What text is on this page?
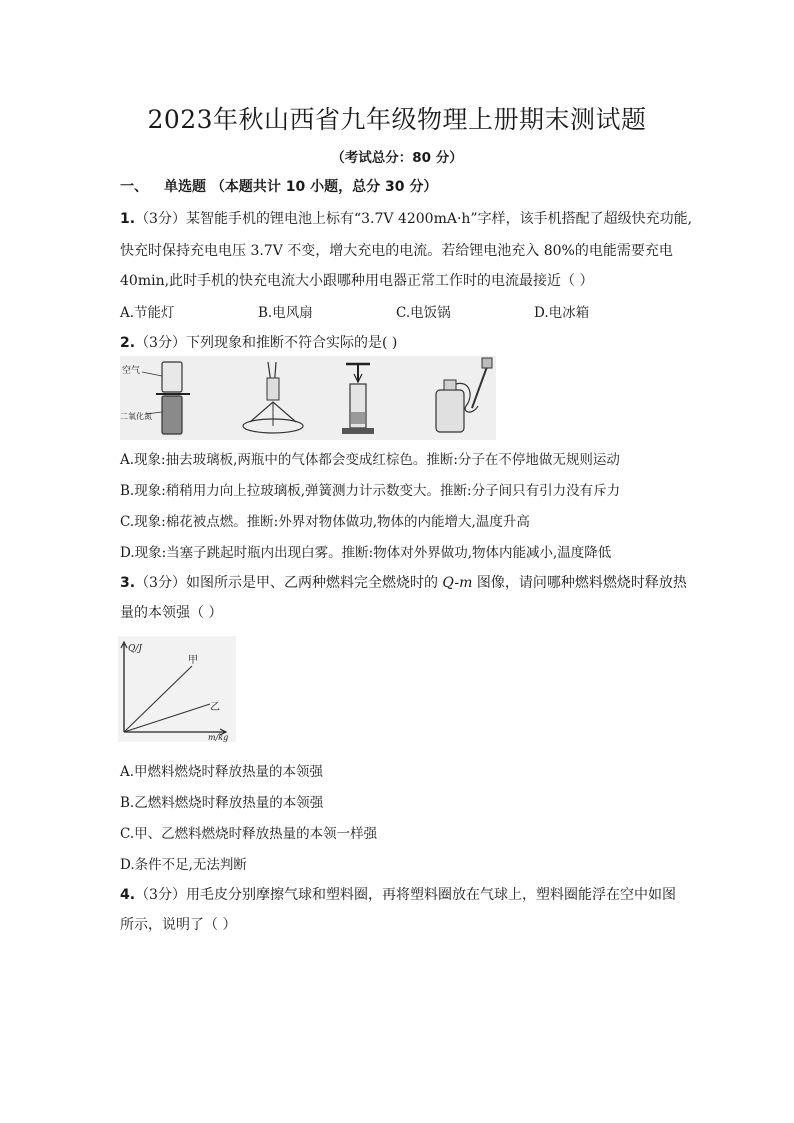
2023年秋山西省九年级物理上册期末测试题
（考试总分：80 分）
一、 单选题 （本题共计 10 小题，总分 30 分）
1.（3分）某智能手机的锂电池上标有“3.7V 4200mA·h”字样，该手机搭配了超级快充功能,
快充时保持充电电压 3.7V 不变，增大充电的电流。若给锂电池充入 80%的电能需要充电
40min,此时手机的快充电流大小跟哪种用电器正常工作时的电流最接近（ ）
A.节能灯	B.电风扇	C.电饭锅	D.电冰箱
2.（3分）下列现象和推断不符合实际的是( )
空气
二氧化氮
A.现象:抽去玻璃板,两瓶中的气体都会变成红棕色。推断:分子在不停地做无规则运动
B.现象:稍稍用力向上拉玻璃板,弹簧测力计示数变大。推断:分子间只有引力没有斥力
C.现象:棉花被点燃。推断:外界对物体做功,物体的内能增大,温度升高
D.现象:当塞子跳起时瓶内出现白雾。推断:物体对外界做功,物体内能减小,温度降低
3.（3分）如图所示是甲、乙两种燃料完全燃烧时的 Q-m 图像，请问哪种燃料燃烧时释放热
量的本领强（ ）
Q/J
m/kg
甲
乙
A.甲燃料燃烧时释放热量的本领强
B.乙燃料燃烧时释放热量的本领强
C.甲、乙燃料燃烧时释放热量的本领一样强
D.条件不足,无法判断
4.（3分）用毛皮分别摩擦气球和塑料圈，再将塑料圈放在气球上，塑料圈能浮在空中如图
所示，说明了（ ）
